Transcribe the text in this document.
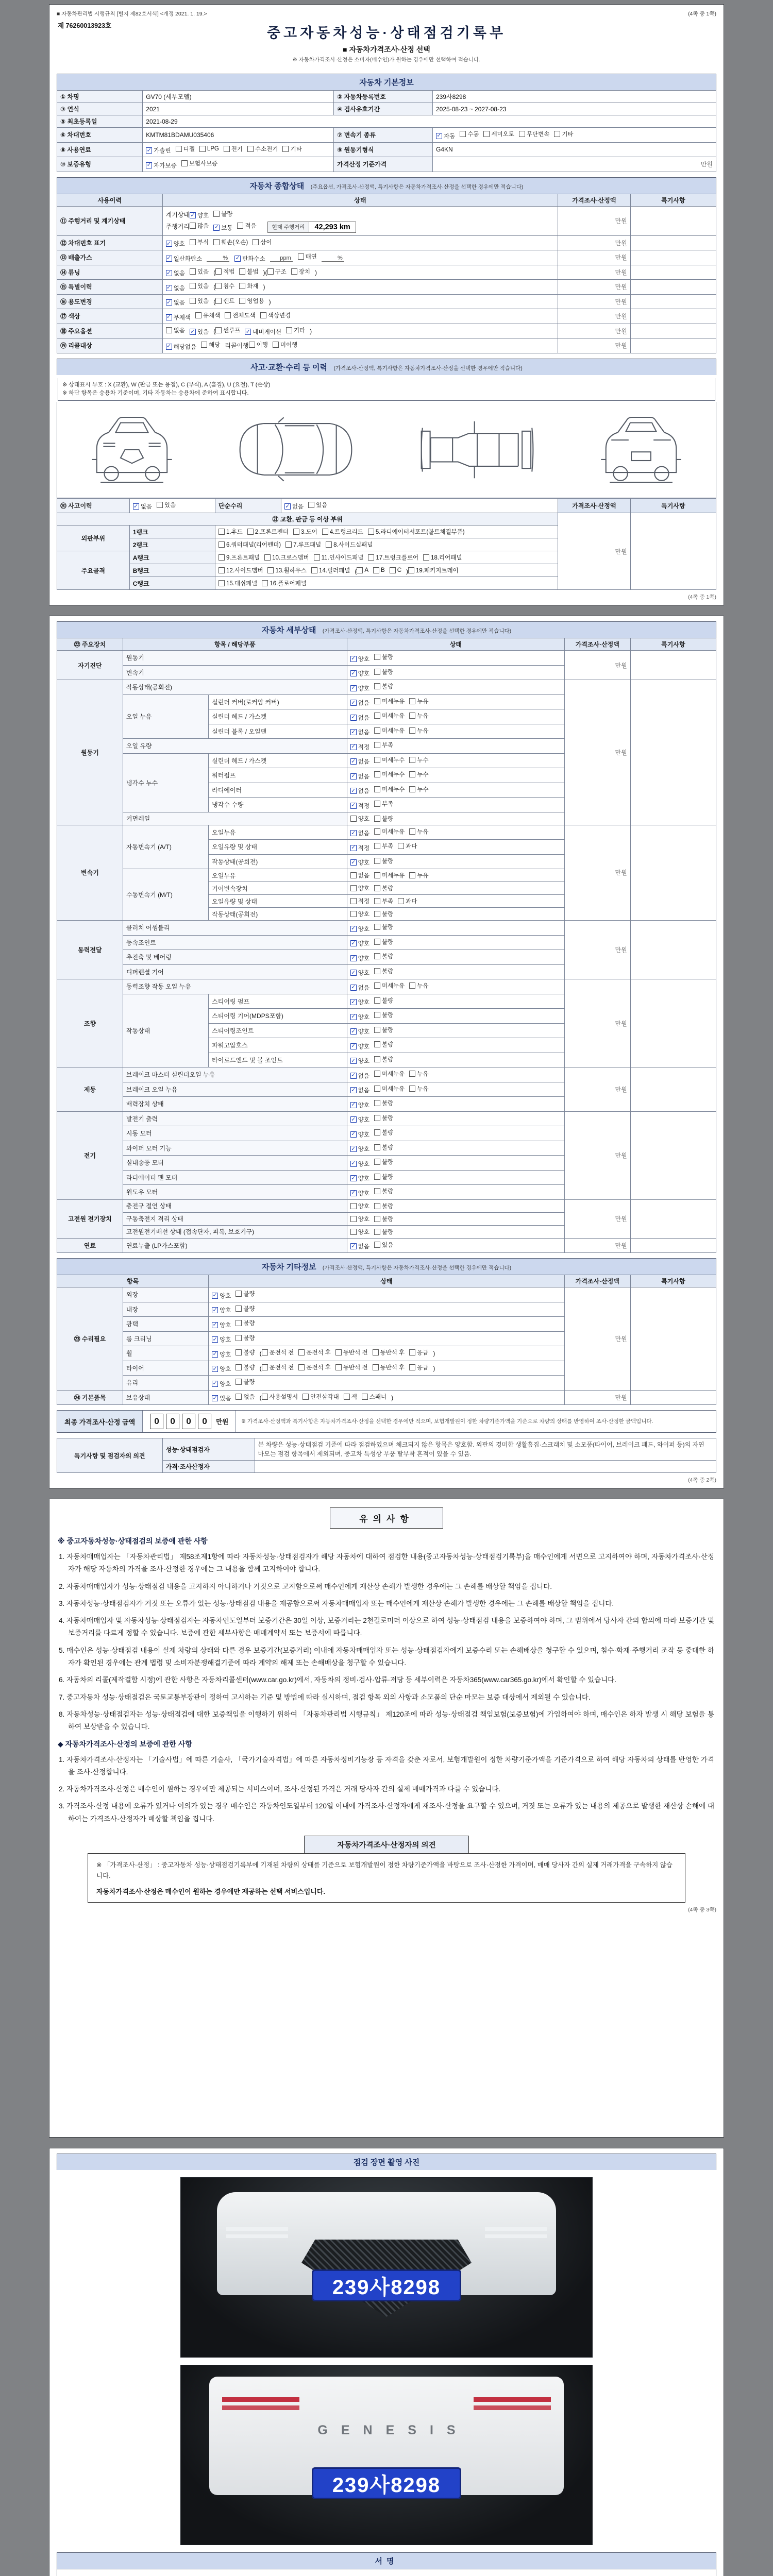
■ 자동차관리법 시행규칙 [별지 제82호서식] <개정 2021. 1. 19.>	(4쪽 중 1쪽)
제 76260013923호	중고자동차성능·상태점검기록부
■ 자동차가격조사·산정 선택
※ 자동차가격조사·산정은 소비자(매수인)가 원하는 경우에만 선택하여 적습니다.
자동차 기본정보
① 차명	GV70 (세부모델)	② 자동차등록번호	239사8298
③ 연식	2021	④ 검사유효기간	2025-08-23 ~ 2027-08-23
⑤ 최초등록일	2021-08-29		
⑥ 차대번호	KMTM81BDAMU035406	⑦ 변속기 종류	✓ 자동 수동 세미오토 무단변속 기타
⑧ 사용연료	✓ 가솔린 디젤 LPG 전기 수소전기 기타	⑨ 원동기형식	G4KN
⑩ 보증유형	✓ 자가보증 보험사보증	가격산정 기준가격	만원
자동차 종합상태 (주요옵션, 가격조사·산정액, 특기사항은 자동차가격조사·산정을 선택한 경우에만 적습니다)
사용이력	상태	가격조사·산정액	특기사항
⑪ 주행거리 및 계기상태	
계기상태 ✓ 양호 불량
주행거리 많음 ✓ 보통 적음	현재 주행거리	42,293 km
	만원	
⑫ 차대번호 표기	✓ 양호 부식 훼손(오손) 상이	만원	
⑬ 배출가스	✓ 일산화탄소 % ✓ 탄화수소 ppm 매연 %	만원	
⑭ 튜닝	✓ 없음 있음 ( 적법 불법 )( 구조 장치 )	만원	
⑮ 특별이력	✓ 없음 있음 ( 침수 화재 )	만원	
⑯ 용도변경	✓ 없음 있음 ( 렌트 영업용 )	만원	
⑰ 색상	✓ 무채색 유채색 전체도색 색상변경	만원	
⑱ 주요옵션	없음 ✓ 있음 ( 썬루프 ✓ 네비게이션 기타 )	만원	
⑲ 리콜대상	✓ 해당없음 해당 리콜이행 이행 미이행	만원	
사고·교환·수리 등 이력 (가격조사·산정액, 특기사항은 자동차가격조사·산정을 선택한 경우에만 적습니다)

※ 상태표시 부호 : X (교환), W (판금 또는 용접), C (부식), A (흠집), U (요철), T (손상)

※ 하단 항목은 승용차 기준이며, 기타 자동차는 승용차에 준하여 표시합니다.

⑳ 사고이력	✓ 없음 있음	단순수리	✓ 없음 있음	가격조사·산정액	특기사항
㉑ 교환, 판금 등 이상 부위				만원	
외판부위	1랭크	1.후드 2.프론트펜더 3.도어 4.트렁크리드 5.라디에이터서포트(볼트체결부품)			
	2랭크	6.쿼터패널(리어펜더) 7.루프패널 8.사이드실패널			
주요골격	A랭크	9.프론트패널 10.크로스멤버 11.인사이드패널 17.트렁크플로어 18.리어패널			
B랭크	12.사이드멤버 13.휠하우스 14.필러패널 ( A B C ) 19.패키지트레이
	C랭크	15.대쉬패널 16.플로어패널			
(4쪽 중 1쪽)
자동차 세부상태 (가격조사·산정액, 특기사항은 자동차가격조사·산정을 선택한 경우에만 적습니다)
㉒ 주요장치	항목 / 해당부품		상태	가격조사·산정액	특기사항
자기진단	원동기		✓ 양호 불량	만원	
	변속기		✓ 양호 불량		
원동기	작동상태(공회전)		✓ 양호 불량	만원	
	오일 누유	실린더 커버(로커암 커버)	✓ 없음 미세누유 누유		
		실린더 헤드 / 가스켓	✓ 없음 미세누유 누유		
		실린더 블록 / 오일팬	✓ 없음 미세누유 누유		
	오일 유량		✓ 적정 부족		
	냉각수 누수	실린더 헤드 / 가스켓	✓ 없음 미세누수 누수		
		워터펌프	✓ 없음 미세누수 누수		
		라디에이터	✓ 없음 미세누수 누수		
		냉각수 수량	✓ 적정 부족		
	커먼레일		양호 불량		
변속기	자동변속기 (A/T)	오일누유	✓ 없음 미세누유 누유	만원	
		오일유량 및 상태	✓ 적정 부족 과다		
		작동상태(공회전)	✓ 양호 불량		
	수동변속기 (M/T)	오일누유	없음 미세누유 누유		
		기어변속장치	양호 불량		
		오일유량 및 상태	적정 부족 과다		
		작동상태(공회전)	양호 불량		
동력전달	클러치 어셈블리		✓ 양호 불량	만원	
	등속조인트		✓ 양호 불량		
	추진축 및 베어링		✓ 양호 불량		
	디퍼렌셜 기어		✓ 양호 불량		
조향	동력조향 작동 오일 누유		✓ 없음 미세누유 누유	만원	
	작동상태	스티어링 펌프	✓ 양호 불량		
		스티어링 기어(MDPS포함)	✓ 양호 불량		
		스티어링조인트	✓ 양호 불량		
		파워고압호스	✓ 양호 불량		
		타이로드엔드 및 볼 조인트	✓ 양호 불량		
제동	브레이크 마스터 실린더오일 누유		✓ 없음 미세누유 누유	만원	
	브레이크 오일 누유		✓ 없음 미세누유 누유		
	배력장치 상태		✓ 양호 불량		
전기	발전기 출력		✓ 양호 불량	만원	
	시동 모터		✓ 양호 불량		
	와이퍼 모터 기능		✓ 양호 불량		
	실내송풍 모터		✓ 양호 불량		
	라디에이터 팬 모터		✓ 양호 불량		
	윈도우 모터		✓ 양호 불량		
고전원 전기장치	충전구 절연 상태		양호 불량	만원	
	구동축전지 격리 상태		양호 불량		
	고전원전기배선 상태 (접속단자, 피복, 보호기구)		양호 불량		
연료	연료누출 (LP가스포함)		✓ 없음 있음	만원	
자동차 기타정보 (가격조사·산정액, 특기사항은 자동차가격조사·산정을 선택한 경우에만 적습니다)
항목		상태	가격조사·산정액	특기사항
㉓ 수리필요	외장	✓ 양호 불량	만원	
	내장	✓ 양호 불량		
	광택	✓ 양호 불량		
	룸 크리닝	✓ 양호 불량		
휠	✓ 양호 불량 ( 운전석 전 운전석 후 동반석 전 동반석 후 응급 )
타이어	✓ 양호 불량 ( 운전석 전 운전석 후 동반석 전 동반석 후 응급 )
	유리	✓ 양호 불량		
㉔ 기본품목	보유상태	✓ 있음 없음 ( 사용설명서 안전삼각대 잭 스패너 )	만원	
최종 가격조사·산정 금액	0 0 0 0	만원	※ 가격조사·산정액과 특기사항은 자동차가격조사·산정을 선택한 경우에만 적으며, 보험개발원이 정한 차량기준가액을 기준으로 차량의 상태를 반영하여 조사·산정한 금액입니다.
특기사항 및 점검자의 의견	성능·상태점검자	본 차량은 성능·상태점검 기준에 따라 점검하였으며 체크되지 않은 항목은 양호함. 외판의 경미한 생활흠집·스크래치 및 소모품(타이어, 브레이크 패드, 와이퍼 등)의 자연 마모는 점검 항목에서 제외되며, 중고차 특성상 부품 탈부착 흔적이 있을 수 있음.
	가격·조사산정자	
(4쪽 중 2쪽)
유의사항
※ 중고자동차성능·상태점검의 보증에 관한 사항

1. 자동차매매업자는 「자동차관리법」 제58조제1항에 따라 자동차성능·상태점검자가 해당 자동차에 대하여 점검한 내용(중고자동차성능·상태점검기록부)을 매수인에게 서면으로 고지하여야 하며, 자동차가격조사·산정자가 해당 자동차의 가격을 조사·산정한 경우에는 그 내용을 함께 고지하여야 합니다.

2. 자동차매매업자가 성능·상태점검 내용을 고지하지 아니하거나 거짓으로 고지함으로써 매수인에게 재산상 손해가 발생한 경우에는 그 손해를 배상할 책임을 집니다.

3. 자동차성능·상태점검자가 거짓 또는 오류가 있는 성능·상태점검 내용을 제공함으로써 자동차매매업자 또는 매수인에게 재산상 손해가 발생한 경우에는 그 손해를 배상할 책임을 집니다.

4. 자동차매매업자 및 자동차성능·상태점검자는 자동차인도일부터 보증기간은 30일 이상, 보증거리는 2천킬로미터 이상으로 하여 성능·상태점검 내용을 보증하여야 하며, 그 범위에서 당사자 간의 합의에 따라 보증기간 및 보증거리를 다르게 정할 수 있습니다. 보증에 관한 세부사항은 매매계약서 또는 보증서에 따릅니다.

5. 매수인은 성능·상태점검 내용이 실제 차량의 상태와 다른 경우 보증기간(보증거리) 이내에 자동차매매업자 또는 성능·상태점검자에게 보증수리 또는 손해배상을 청구할 수 있으며, 침수·화재·주행거리 조작 등 중대한 하자가 확인된 경우에는 관계 법령 및 소비자분쟁해결기준에 따라 계약의 해제 또는 손해배상을 청구할 수 있습니다.

6. 자동차의 리콜(제작결함 시정)에 관한 사항은 자동차리콜센터(www.car.go.kr)에서, 자동차의 정비·검사·압류·저당 등 세부이력은 자동차365(www.car365.go.kr)에서 확인할 수 있습니다.

7. 중고자동차 성능·상태점검은 국토교통부장관이 정하여 고시하는 기준 및 방법에 따라 실시하며, 점검 항목 외의 사항과 소모품의 단순 마모는 보증 대상에서 제외될 수 있습니다.

8. 자동차성능·상태점검자는 성능·상태점검에 대한 보증책임을 이행하기 위하여 「자동차관리법 시행규칙」 제120조에 따라 성능·상태점검 책임보험(보증보험)에 가입하여야 하며, 매수인은 하자 발생 시 해당 보험을 통하여 보상받을 수 있습니다.

◆ 자동차가격조사·산정의 보증에 관한 사항

1. 자동차가격조사·산정자는 「기술사법」에 따른 기술사, 「국가기술자격법」에 따른 자동차정비기능장 등 자격을 갖춘 자로서, 보험개발원이 정한 차량기준가액을 기준가격으로 하여 해당 자동차의 상태를 반영한 가격을 조사·산정합니다.

2. 자동차가격조사·산정은 매수인이 원하는 경우에만 제공되는 서비스이며, 조사·산정된 가격은 거래 당사자 간의 실제 매매가격과 다를 수 있습니다.

3. 가격조사·산정 내용에 오류가 있거나 이의가 있는 경우 매수인은 자동차인도일부터 120일 이내에 가격조사·산정자에게 재조사·산정을 요구할 수 있으며, 거짓 또는 오류가 있는 내용의 제공으로 발생한 재산상 손해에 대하여는 가격조사·산정자가 배상할 책임을 집니다.

자동차가격조사·산정자의 의견

※ 「가격조사·산정」 : 중고자동차 성능·상태점검기록부에 기재된 차량의 상태를 기준으로 보험개발원이 정한 차량기준가액을 바탕으로 조사·산정한 가격이며, 매매 당사자 간의 실제 거래가격을 구속하지 않습니다.

자동차가격조사·산정은 매수인이 원하는 경우에만 제공하는 선택 서비스입니다.

(4쪽 중 3쪽)
점검 장면 촬영 사진
239사8298
GENESIS
239사8298
서명
